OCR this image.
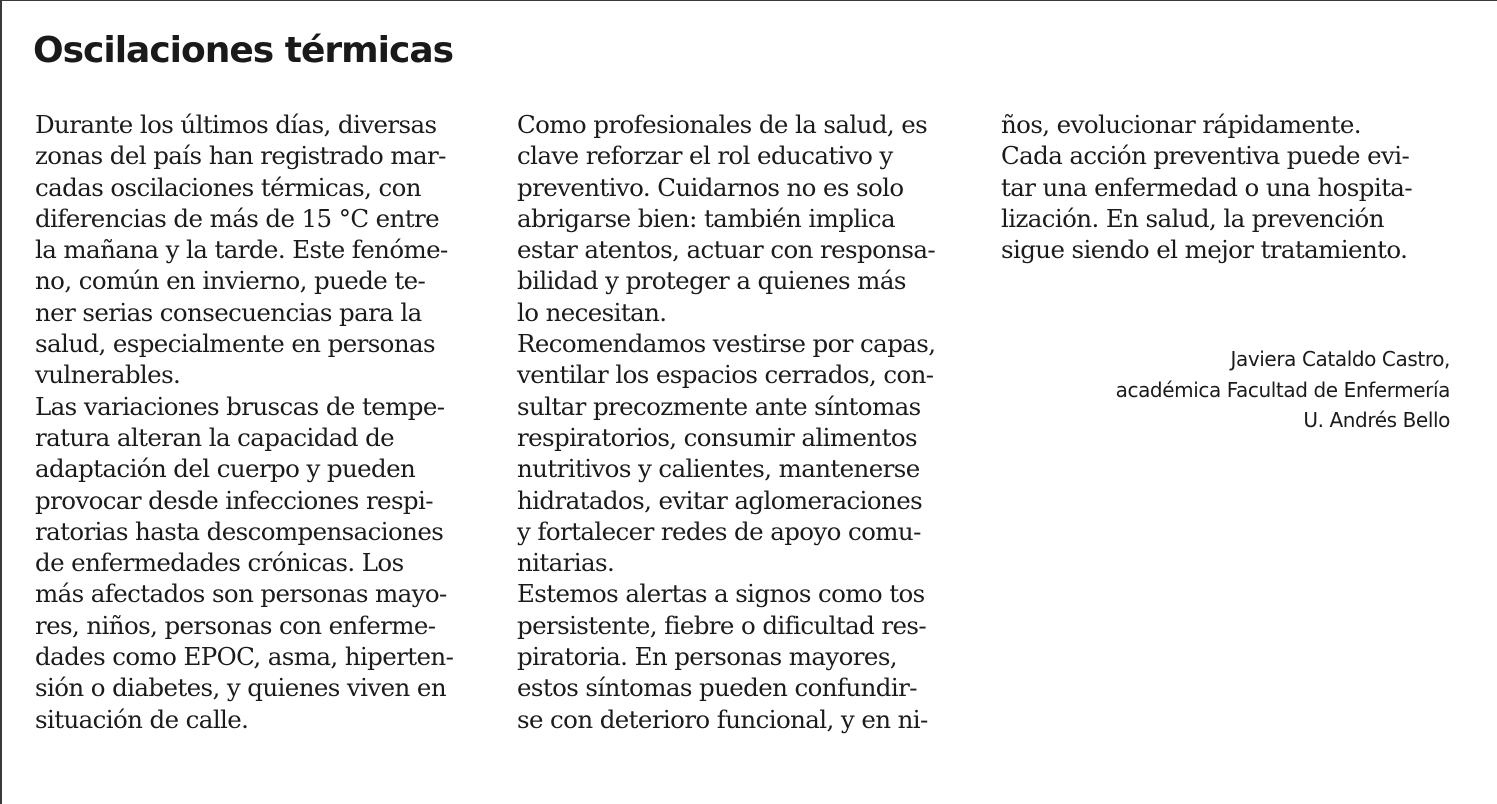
Oscilaciones térmicas
Durante los últimos días, diversas
zonas del país han registrado mar-
cadas oscilaciones térmicas, con
diferencias de más de 15 °C entre
la mañana y la tarde. Este fenóme-
no, común en invierno, puede te-
ner serias consecuencias para la
salud, especialmente en personas
vulnerables.
Las variaciones bruscas de tempe-
ratura alteran la capacidad de
adaptación del cuerpo y pueden
provocar desde infecciones respi-
ratorias hasta descompensaciones
de enfermedades crónicas. Los
más afectados son personas mayo-
res, niños, personas con enferme-
dades como EPOC, asma, hiperten-
sión o diabetes, y quienes viven en
situación de calle.
Como profesionales de la salud, es
clave reforzar el rol educativo y
preventivo. Cuidarnos no es solo
abrigarse bien: también implica
estar atentos, actuar con responsa-
bilidad y proteger a quienes más
lo necesitan.
Recomendamos vestirse por capas,
ventilar los espacios cerrados, con-
sultar precozmente ante síntomas
respiratorios, consumir alimentos
nutritivos y calientes, mantenerse
hidratados, evitar aglomeraciones
y fortalecer redes de apoyo comu-
nitarias.
Estemos alertas a signos como tos
persistente, fiebre o dificultad res-
piratoria. En personas mayores,
estos síntomas pueden confundir-
se con deterioro funcional, y en ni-
ños, evolucionar rápidamente.
Cada acción preventiva puede evi-
tar una enfermedad o una hospita-
lización. En salud, la prevención
sigue siendo el mejor tratamiento.
Javiera Cataldo Castro,
académica Facultad de Enfermería
U. Andrés Bello
